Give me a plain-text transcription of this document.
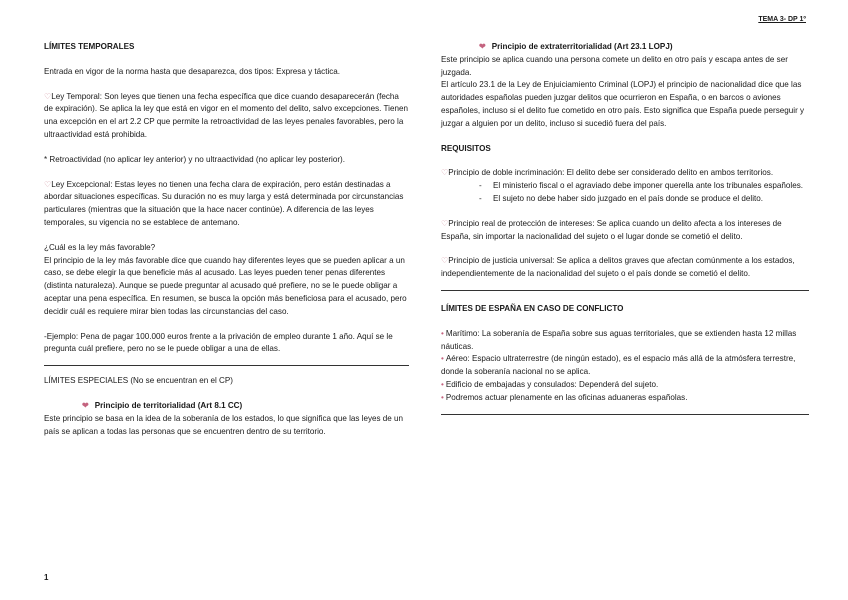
TEMA 3- DP 1º

LÍMITES TEMPORALES

Entrada en vigor de la norma hasta que desaparezca, dos tipos: Expresa y táctica.

♡Ley Temporal: Son leyes que tienen una fecha específica que dice cuando desaparecerán (fecha de expiración). Se aplica la ley que está en vigor en el momento del delito, salvo excepciones. Tienen una excepción en el art 2.2 CP que permite la retroactividad de las leyes penales favorables, pero la ultraactividad está prohibida.

* Retroactividad (no aplicar ley anterior) y no ultraactividad (no aplicar ley posterior).

♡Ley Excepcional: Estas leyes no tienen una fecha clara de expiración, pero están destinadas a abordar situaciones específicas. Su duración no es muy larga y está determinada por circunstancias particulares (mientras que la situación que la hace nacer continúe). A diferencia de las leyes temporales, su vigencia no se establece de antemano.

¿Cuál es la ley más favorable?

El principio de la ley más favorable dice que cuando hay diferentes leyes que se pueden aplicar a un caso, se debe elegir la que beneficie más al acusado. Las leyes pueden tener penas diferentes (distinta naturaleza). Aunque se puede preguntar al acusado qué prefiere, no se le puede obligar a aceptar una pena específica. En resumen, se busca la opción más beneficiosa para el acusado, pero decidir cuál es requiere mirar bien todas las circunstancias del caso.

-Ejemplo: Pena de pagar 100.000 euros frente a la privación de empleo durante 1 año. Aquí se le pregunta cuál prefiere, pero no se le puede obligar a una de ellas.

LÍMITES ESPECIALES (No se encuentran en el CP)

❤ Principio de territorialidad (Art 8.1 CC)

Este principio se basa en la idea de la soberanía de los estados, lo que significa que las leyes de un país se aplican a todas las personas que se encuentren dentro de su territorio.

❤ Principio de extraterritorialidad (Art 23.1 LOPJ)

Este principio se aplica cuando una persona comete un delito en otro país y escapa antes de ser juzgada.

El artículo 23.1 de la Ley de Enjuiciamiento Criminal (LOPJ) el principio de nacionalidad dice que las autoridades españolas pueden juzgar delitos que ocurrieron en España, o en barcos o aviones españoles, incluso si el delito fue cometido en otro país. Esto significa que España puede perseguir y juzgar a alguien por un delito, incluso si sucedió fuera del país.

REQUISITOS

♡Principio de doble incriminación: El delito debe ser considerado delito en ambos territorios.

- El ministerio fiscal o el agraviado debe imponer querella ante los tribunales españoles.
- El sujeto no debe haber sido juzgado en el país donde se produce el delito.

♡Principio real de protección de intereses: Se aplica cuando un delito afecta a los intereses de España, sin importar la nacionalidad del sujeto o el lugar donde se cometió el delito.

♡Principio de justicia universal: Se aplica a delitos graves que afectan comúnmente a los estados, independientemente de la nacionalidad del sujeto o el país donde se cometió el delito.

LÍMITES DE ESPAÑA EN CASO DE CONFLICTO

• Marítimo: La soberanía de España sobre sus aguas territoriales, que se extienden hasta 12 millas náuticas.

• Aéreo: Espacio ultraterrestre (de ningún estado), es el espacio más allá de la atmósfera terrestre, donde la soberanía nacional no se aplica.

• Edificio de embajadas y consulados: Dependerá del sujeto.

• Podremos actuar plenamente en las oficinas aduaneras españolas.

1
